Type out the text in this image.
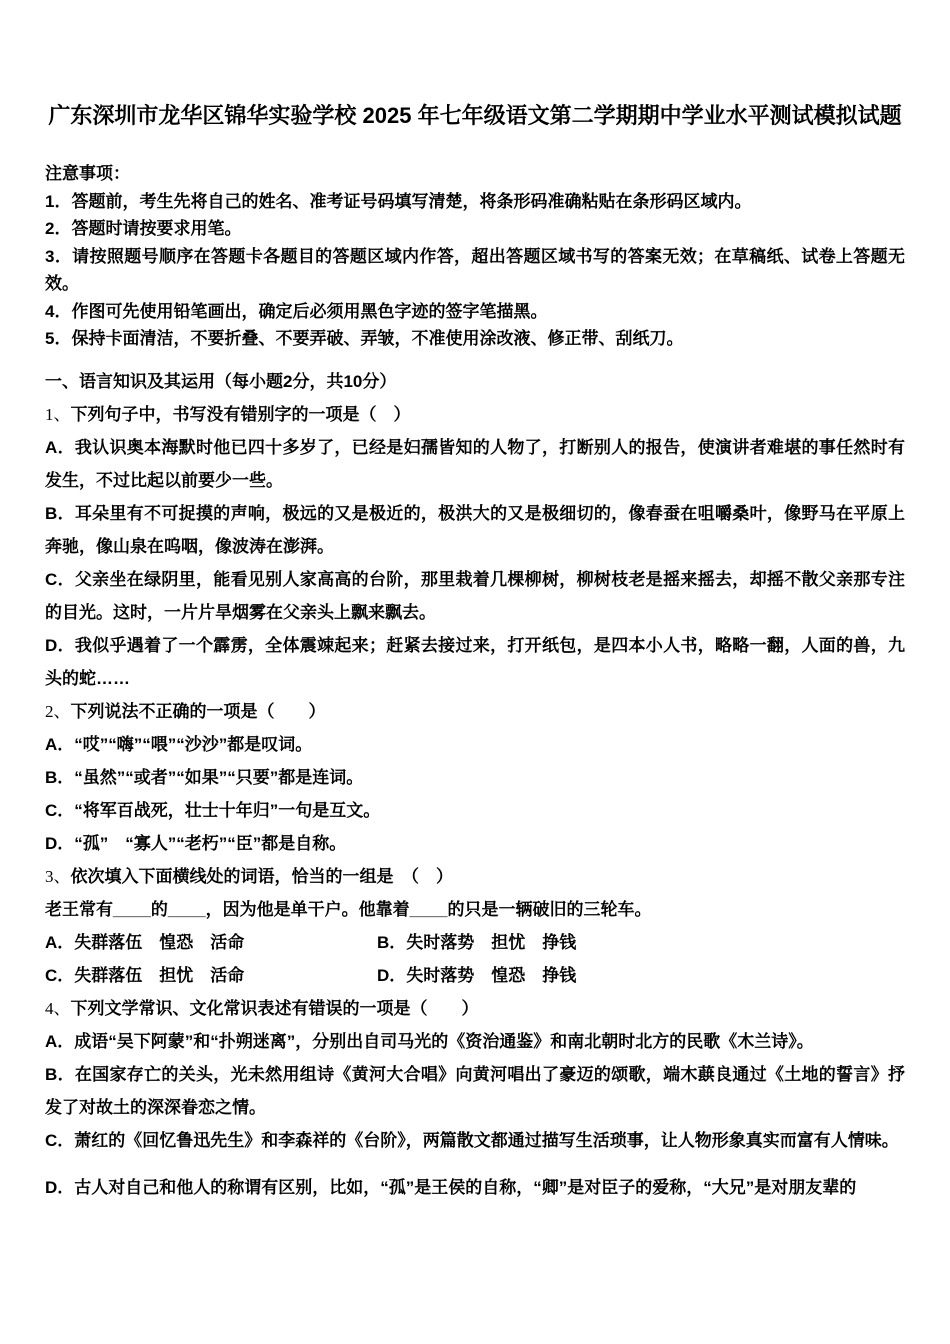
广东深圳市龙华区锦华实验学校 2025 年七年级语文第二学期期中学业水平测试模拟试题

注意事项：

1．答题前，考生先将自己的姓名、准考证号码填写清楚，将条形码准确粘贴在条形码区域内。

2．答题时请按要求用笔。

3．请按照题号顺序在答题卡各题目的答题区域内作答，超出答题区域书写的答案无效；在草稿纸、试卷上答题无效。

4．作图可先使用铅笔画出，确定后必须用黑色字迹的签字笔描黑。

5．保持卡面清洁，不要折叠、不要弄破、弄皱，不准使用涂改液、修正带、刮纸刀。

一、语言知识及其运用（每小题2分，共10分）

1、下列句子中，书写没有错别字的一项是（　）

A．我认识奥本海默时他已四十多岁了，已经是妇孺皆知的人物了，打断别人的报告，使演讲者难堪的事任然时有发生，不过比起以前要少一些。

B．耳朵里有不可捉摸的声响，极远的又是极近的，极洪大的又是极细切的，像春蚕在咀嚼桑叶，像野马在平原上奔驰，像山泉在呜咽，像波涛在澎湃。

C．父亲坐在绿阴里，能看见别人家高高的台阶，那里栽着几棵柳树，柳树枝老是摇来摇去，却摇不散父亲那专注的目光。这时，一片片旱烟雾在父亲头上飘来飘去。

D．我似乎遇着了一个霹雳，全体震竦起来；赶紧去接过来，打开纸包，是四本小人书，略略一翻，人面的兽，九头的蛇……

2、下列说法不正确的一项是（　　）

A．“哎”“嗨”“喂”“沙沙”都是叹词。

B．“虽然”“或者”“如果”“只要”都是连词。

C．“将军百战死，壮士十年归”一句是互文。

D．“孤”　“寡人”“老朽”“臣”都是自称。

3、依次填入下面横线处的词语，恰当的一组是　（　）

老王常有____的____，因为他是单干户。他靠着____的只是一辆破旧的三轮车。

A．失群落伍　惶恐　活命	B．失时落势　担忧　挣钱

C．失群落伍　担忧　活命	D．失时落势　惶恐　挣钱

4、下列文学常识、文化常识表述有错误的一项是（　　）

A．成语“吴下阿蒙”和“扑朔迷离”，分别出自司马光的《资治通鉴》和南北朝时北方的民歌《木兰诗》。

B．在国家存亡的关头，光未然用组诗《黄河大合唱》向黄河唱出了豪迈的颂歌，端木蕻良通过《土地的誓言》抒发了对故土的深深眷恋之情。

C．萧红的《回忆鲁迅先生》和李森祥的《台阶》，两篇散文都通过描写生活琐事，让人物形象真实而富有人情味。

D．古人对自己和他人的称谓有区别，比如，“孤”是王侯的自称，“卿”是对臣子的爱称，“大兄”是对朋友辈的
